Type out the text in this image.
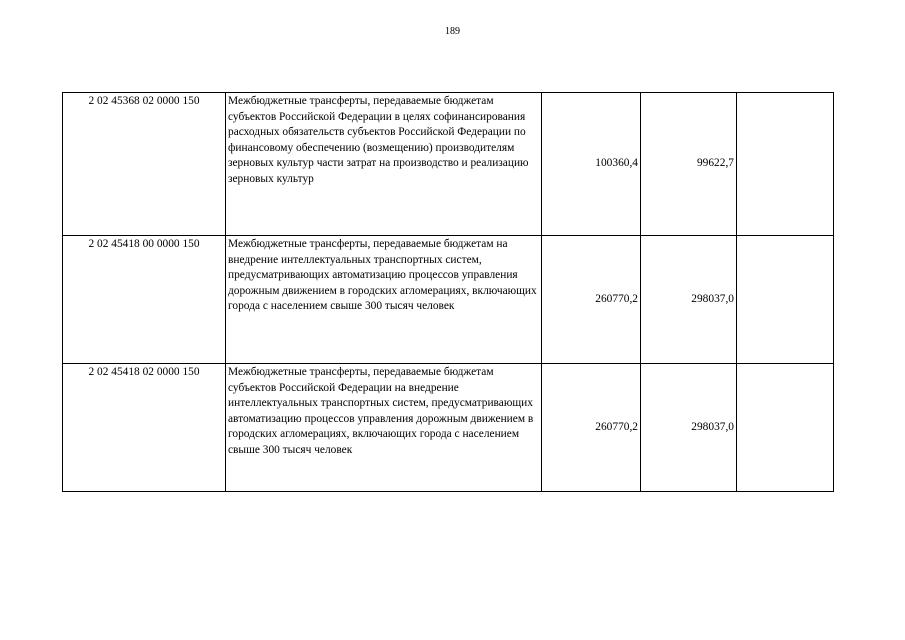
189
2 02 45368 02 0000 150	Межбюджетные трансферты, передаваемые бюджетам субъектов Российской Федерации в целях софинансирования расходных обязательств субъектов Российской Федерации по финансовому обеспечению (возмещению) производителям зерновых культур части затрат на производство и реализацию зерновых культур	100360,4	99622,7	
2 02 45418 00 0000 150	Межбюджетные трансферты, передаваемые бюджетам на внедрение интеллектуальных транспортных систем, предусматривающих автоматизацию процессов управления дорожным движением в городских агломерациях, включающих города с населением свыше 300 тысяч человек	260770,2	298037,0	
2 02 45418 02 0000 150	Межбюджетные трансферты, передаваемые бюджетам субъектов Российской Федерации на внедрение интеллектуальных транспортных систем, предусматривающих автоматизацию процессов управления дорожным движением в городских агломерациях, включающих города с населением свыше 300 тысяч человек	260770,2	298037,0	
